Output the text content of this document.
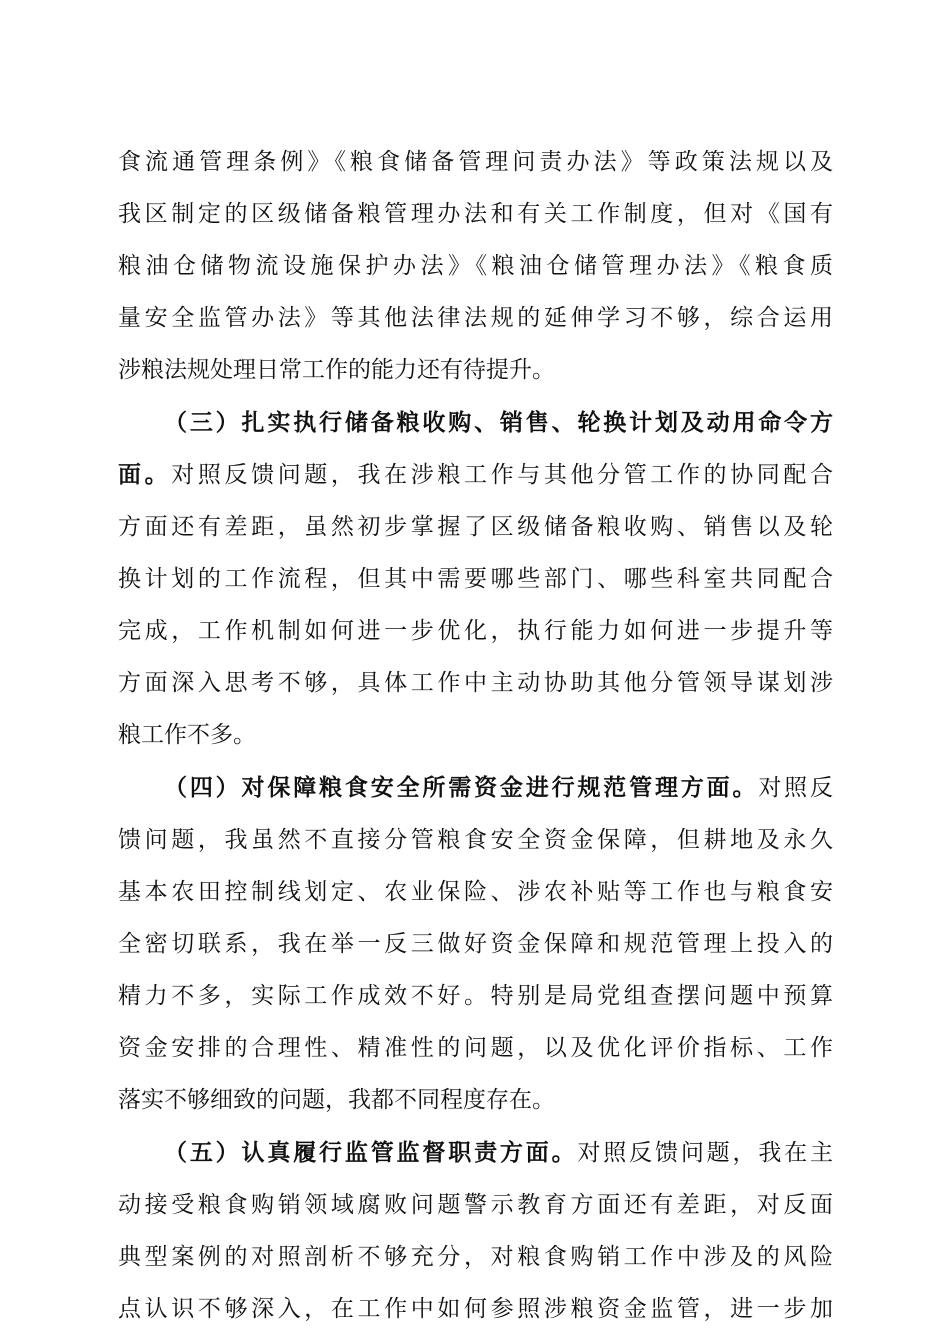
食流通管理条例》《粮食储备管理问责办法》等政策法规以及
我区制定的区级储备粮管理办法和有关工作制度，但对《国有
粮油仓储物流设施保护办法》《粮油仓储管理办法》《粮食质
量安全监管办法》等其他法律法规的延伸学习不够，综合运用
涉粮法规处理日常工作的能力还有待提升。
（三）扎实执行储备粮收购、销售、轮换计划及动用命令方
面。对照反馈问题，我在涉粮工作与其他分管工作的协同配合
方面还有差距，虽然初步掌握了区级储备粮收购、销售以及轮
换计划的工作流程，但其中需要哪些部门、哪些科室共同配合
完成，工作机制如何进一步优化，执行能力如何进一步提升等
方面深入思考不够，具体工作中主动协助其他分管领导谋划涉
粮工作不多。
（四）对保障粮食安全所需资金进行规范管理方面。对照反
馈问题，我虽然不直接分管粮食安全资金保障，但耕地及永久
基本农田控制线划定、农业保险、涉农补贴等工作也与粮食安
全密切联系，我在举一反三做好资金保障和规范管理上投入的
精力不多，实际工作成效不好。特别是局党组查摆问题中预算
资金安排的合理性、精准性的问题，以及优化评价指标、工作
落实不够细致的问题，我都不同程度存在。
（五）认真履行监管监督职责方面。对照反馈问题，我在主
动接受粮食购销领域腐败问题警示教育方面还有差距，对反面
典型案例的对照剖析不够充分，对粮食购销工作中涉及的风险
点认识不够深入，在工作中如何参照涉粮资金监管，进一步加
